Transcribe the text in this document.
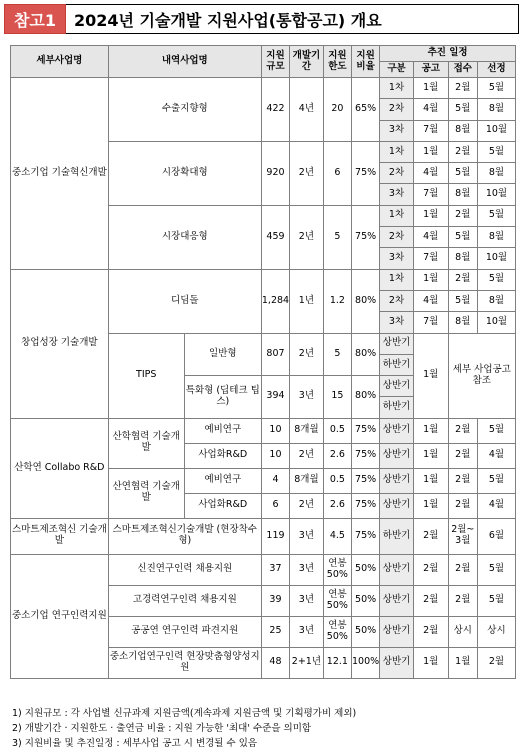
참고1	2024년 기술개발 지원사업(통합공고) 개요
세부사업명	내역사업명		지원규모	개발기간	지원한도	지원비율	추진 일정			
							구분	공고	접수	선정
중소기업 기술혁신개발	수출지향형		422	4년	20	65%	1차	1월	2월	5월
							2차	4월	5월	8월
							3차	7월	8월	10월
	시장확대형		920	2년	6	75%	1차	1월	2월	5월
							2차	4월	5월	8월
							3차	7월	8월	10월
	시장대응형		459	2년	5	75%	1차	1월	2월	5월
							2차	4월	5월	8월
							3차	7월	8월	10월
창업성장 기술개발	디딤돌		1,284	1년	1.2	80%	1차	1월	2월	5월
							2차	4월	5월	8월
							3차	7월	8월	10월
	TIPS	일반형	807	2년	5	80%	상반기	1월	세부 사업공고 참조	
							하반기			
		특화형 (딥테크 팁스)	394	3년	15	80%	상반기			
							하반기			
산학연 Collabo R&D	산학협력 기술개발	예비연구	10	8개월	0.5	75%	상반기	1월	2월	5월
		사업화R&D	10	2년	2.6	75%	상반기	1월	2월	4월
	산연협력 기술개발	예비연구	4	8개월	0.5	75%	상반기	1월	2월	5월
		사업화R&D	6	2년	2.6	75%	상반기	1월	2월	4월
스마트제조혁신 기술개발	스마트제조혁신기술개발 (현장착수형)		119	3년	4.5	75%	하반기	2월	2월~ 3월	6월
중소기업 연구인력지원	신진연구인력 채용지원		37	3년	연봉 50%	50%	상반기	2월	2월	5월
	고경력연구인력 채용지원		39	3년	연봉 50%	50%	상반기	2월	2월	5월
	공공연 연구인력 파견지원		25	3년	연봉 50%	50%	상반기	2월	상시	상시
	중소기업연구인력 현장맞춤형양성지원		48	2+1년	12.1	100%	상반기	1월	1월	2월
1) 지원규모 : 각 사업별 신규과제 지원금액(계속과제 지원금액 및 기획평가비 제외)
2) 개발기간 · 지원한도 · 출연금 비율 : 지원 가능한 '최대' 수준을 의미함
3) 지원비율 및 추진일정 : 세부사업 공고 시 변경될 수 있음
